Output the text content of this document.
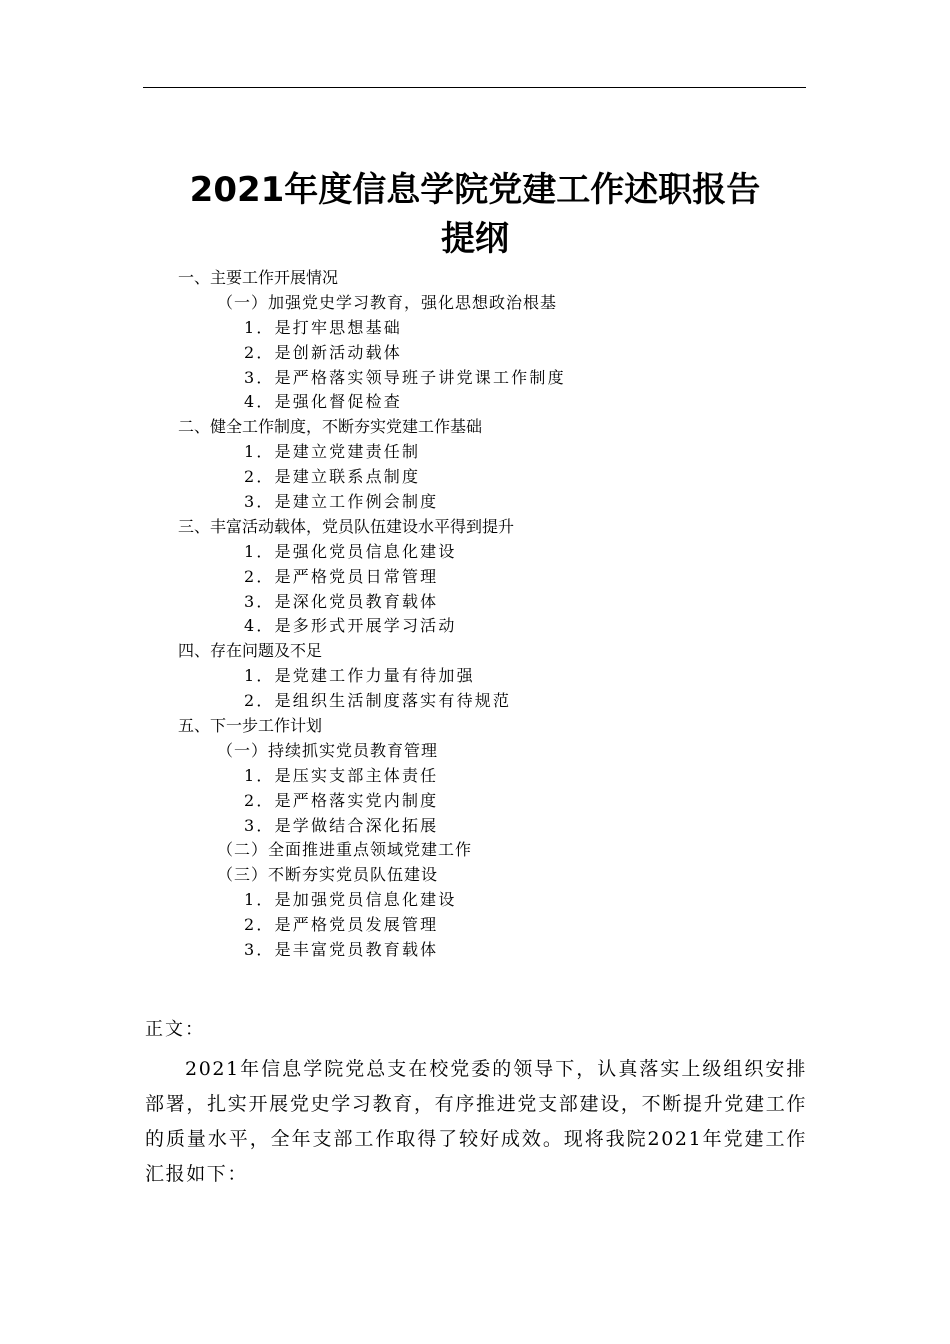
2021年度信息学院党建工作述职报告
提纲
一、主要工作开展情况
（一）加强党史学习教育，强化思想政治根基
1．是打牢思想基础
2．是创新活动载体
3．是严格落实领导班子讲党课工作制度
4．是强化督促检查
二、健全工作制度，不断夯实党建工作基础
1．是建立党建责任制
2．是建立联系点制度
3．是建立工作例会制度
三、丰富活动载体，党员队伍建设水平得到提升
1．是强化党员信息化建设
2．是严格党员日常管理
3．是深化党员教育载体
4．是多形式开展学习活动
四、存在问题及不足
1．是党建工作力量有待加强
2．是组织生活制度落实有待规范
五、下一步工作计划
（一）持续抓实党员教育管理
1．是压实支部主体责任
2．是严格落实党内制度
3．是学做结合深化拓展
（二）全面推进重点领域党建工作
（三）不断夯实党员队伍建设
1．是加强党员信息化建设
2．是严格党员发展管理
3．是丰富党员教育载体
正文：
2021年信息学院党总支在校党委的领导下，认真落实上级组织安排部署，扎实开展党史学习教育，有序推进党支部建设，不断提升党建工作的质量水平，全年支部工作取得了较好成效。现将我院2021年党建工作汇报如下：
